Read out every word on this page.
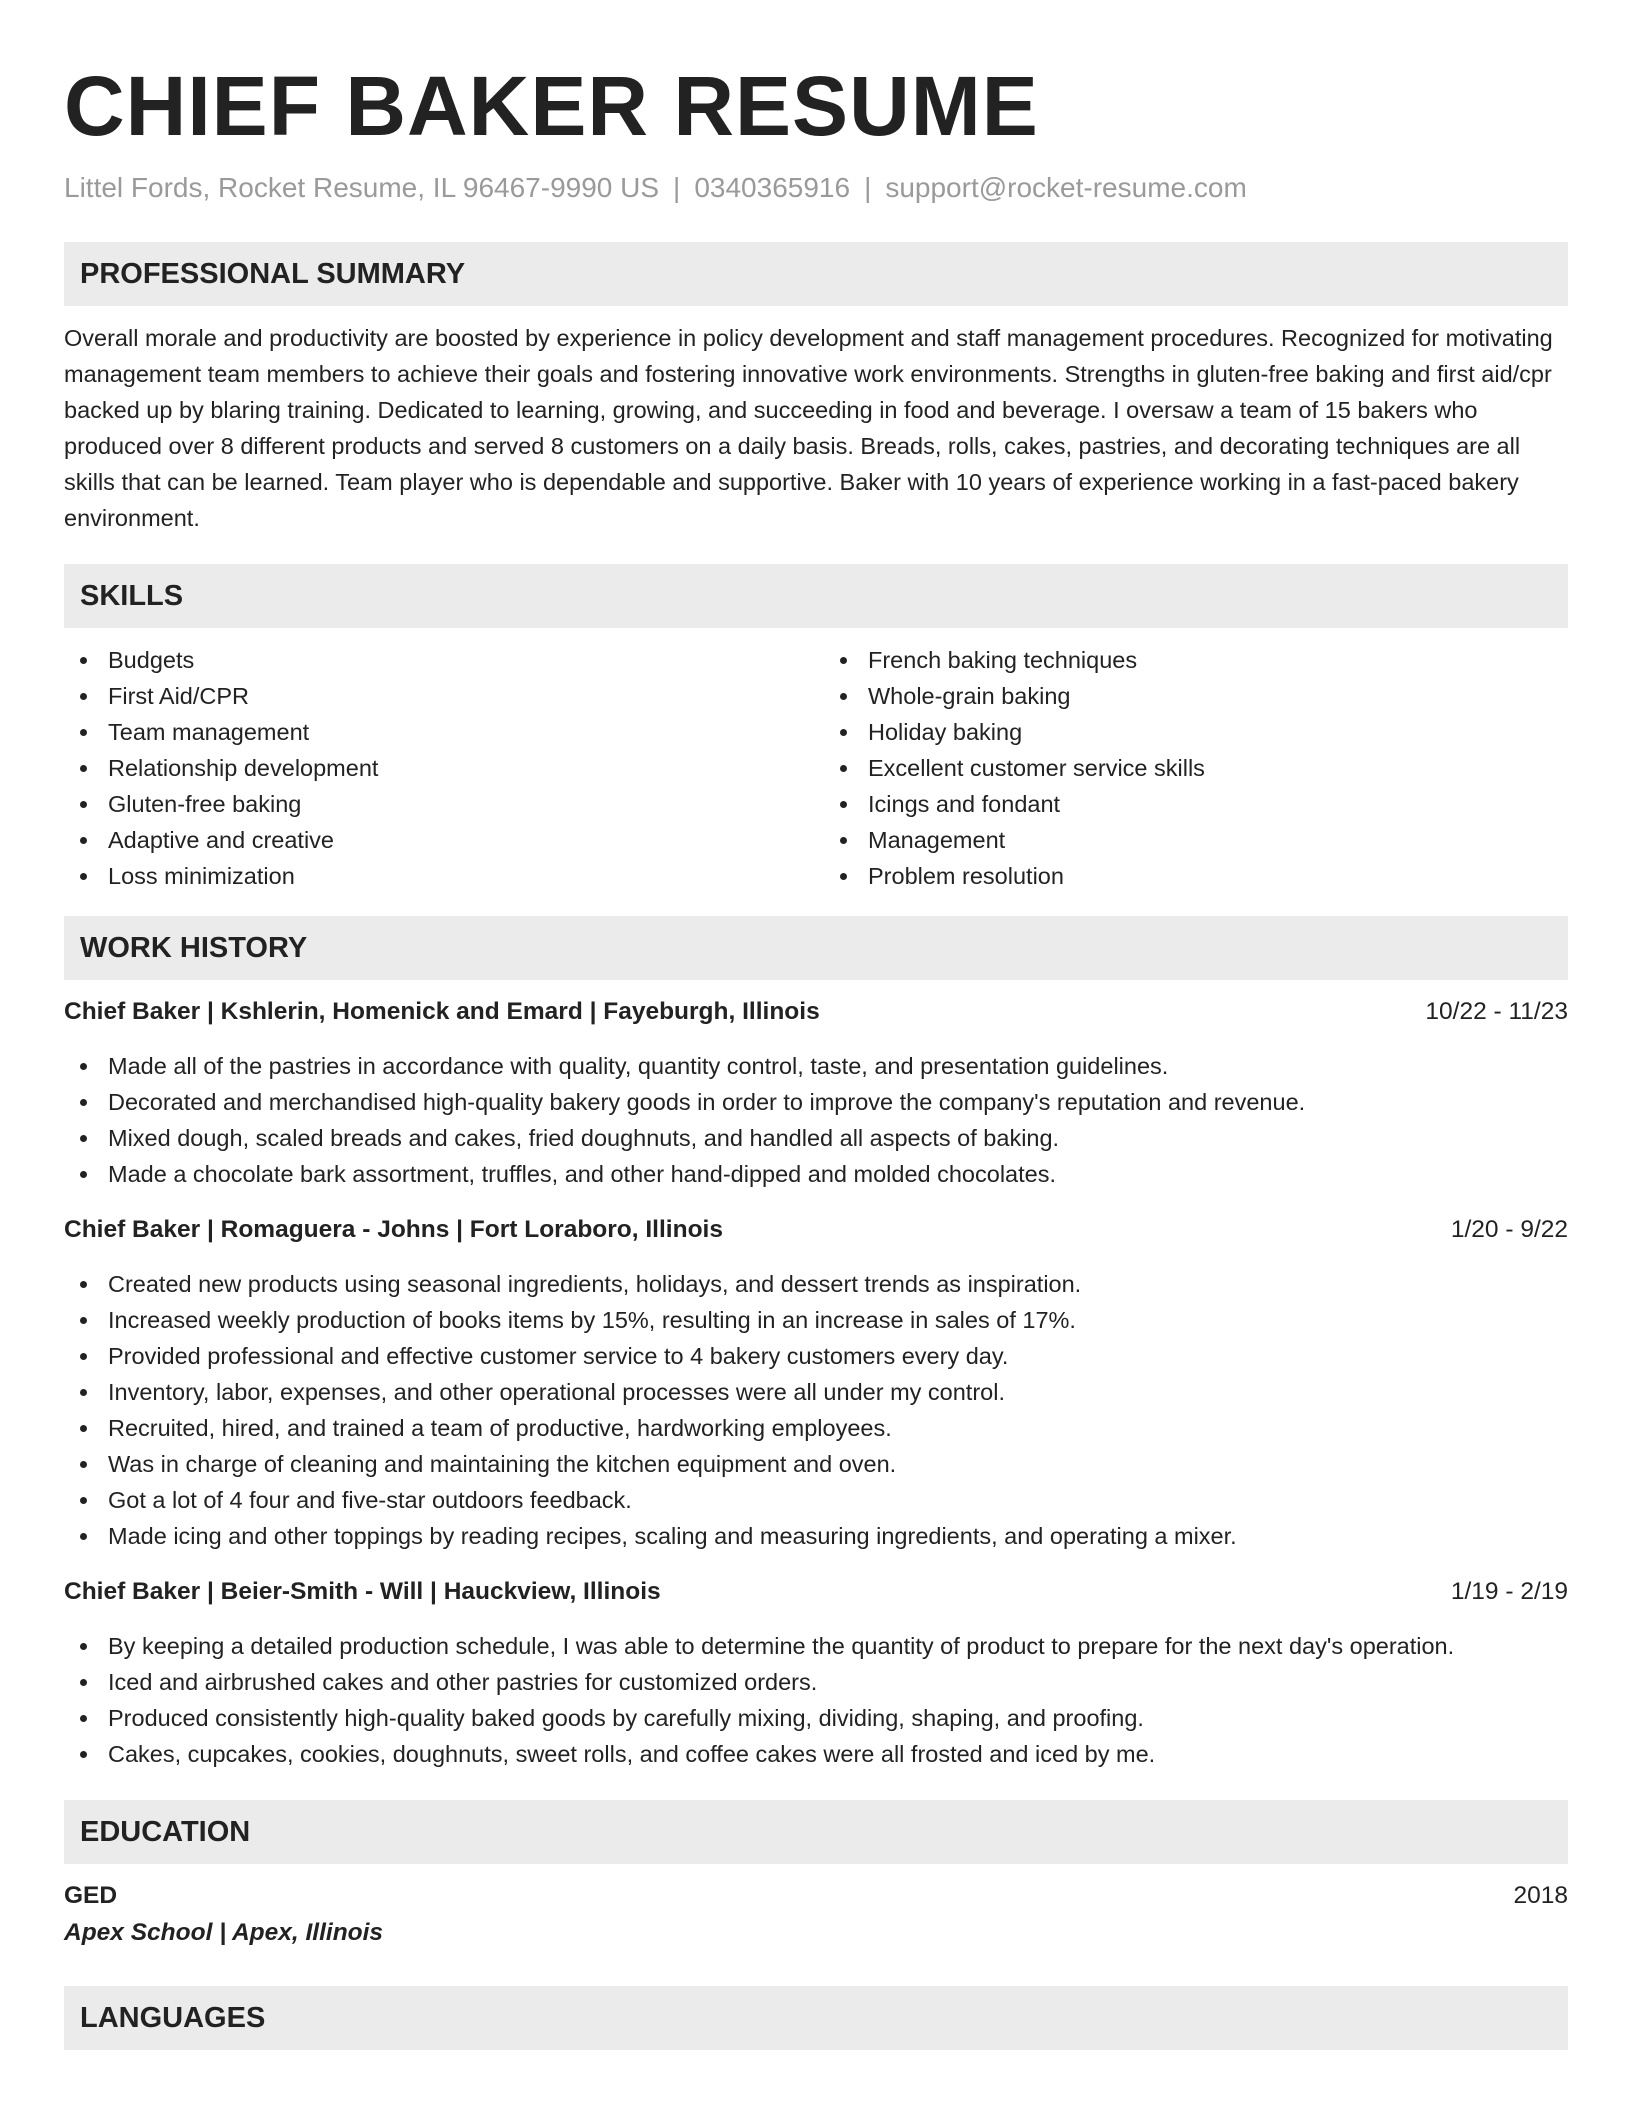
CHIEF BAKER RESUME
Littel Fords, Rocket Resume, IL 96467-9990 US | 0340365916 | support@rocket-resume.com
PROFESSIONAL SUMMARY

Overall morale and productivity are boosted by experience in policy development and staff management procedures. Recognized for motivating management team members to achieve their goals and fostering innovative work environments. Strengths in gluten-free baking and first aid/cpr backed up by blaring training. Dedicated to learning, growing, and succeeding in food and beverage. I oversaw a team of 15 bakers who produced over 8 different products and served 8 customers on a daily basis. Breads, rolls, cakes, pastries, and decorating techniques are all skills that can be learned. Team player who is dependable and supportive. Baker with 10 years of experience working in a fast-paced bakery environment.

SKILLS
Budgets
First Aid/CPR
Team management
Relationship development
Gluten-free baking
Adaptive and creative
Loss minimization
French baking techniques
Whole-grain baking
Holiday baking
Excellent customer service skills
Icings and fondant
Management
Problem resolution
WORK HISTORY
Chief Baker | Kshlerin, Homenick and Emard | Fayeburgh, Illinois	10/22 - 11/23
Made all of the pastries in accordance with quality, quantity control, taste, and presentation guidelines.
Decorated and merchandised high-quality bakery goods in order to improve the company's reputation and revenue.
Mixed dough, scaled breads and cakes, fried doughnuts, and handled all aspects of baking.
Made a chocolate bark assortment, truffles, and other hand-dipped and molded chocolates.
Chief Baker | Romaguera - Johns | Fort Loraboro, Illinois	1/20 - 9/22
Created new products using seasonal ingredients, holidays, and dessert trends as inspiration.
Increased weekly production of books items by 15%, resulting in an increase in sales of 17%.
Provided professional and effective customer service to 4 bakery customers every day.
Inventory, labor, expenses, and other operational processes were all under my control.
Recruited, hired, and trained a team of productive, hardworking employees.
Was in charge of cleaning and maintaining the kitchen equipment and oven.
Got a lot of 4 four and five-star outdoors feedback.
Made icing and other toppings by reading recipes, scaling and measuring ingredients, and operating a mixer.
Chief Baker | Beier-Smith - Will | Hauckview, Illinois	1/19 - 2/19
By keeping a detailed production schedule, I was able to determine the quantity of product to prepare for the next day's operation.
Iced and airbrushed cakes and other pastries for customized orders.
Produced consistently high-quality baked goods by carefully mixing, dividing, shaping, and proofing.
Cakes, cupcakes, cookies, doughnuts, sweet rolls, and coffee cakes were all frosted and iced by me.
EDUCATION
GED	2018
Apex School | Apex, Illinois
LANGUAGES
